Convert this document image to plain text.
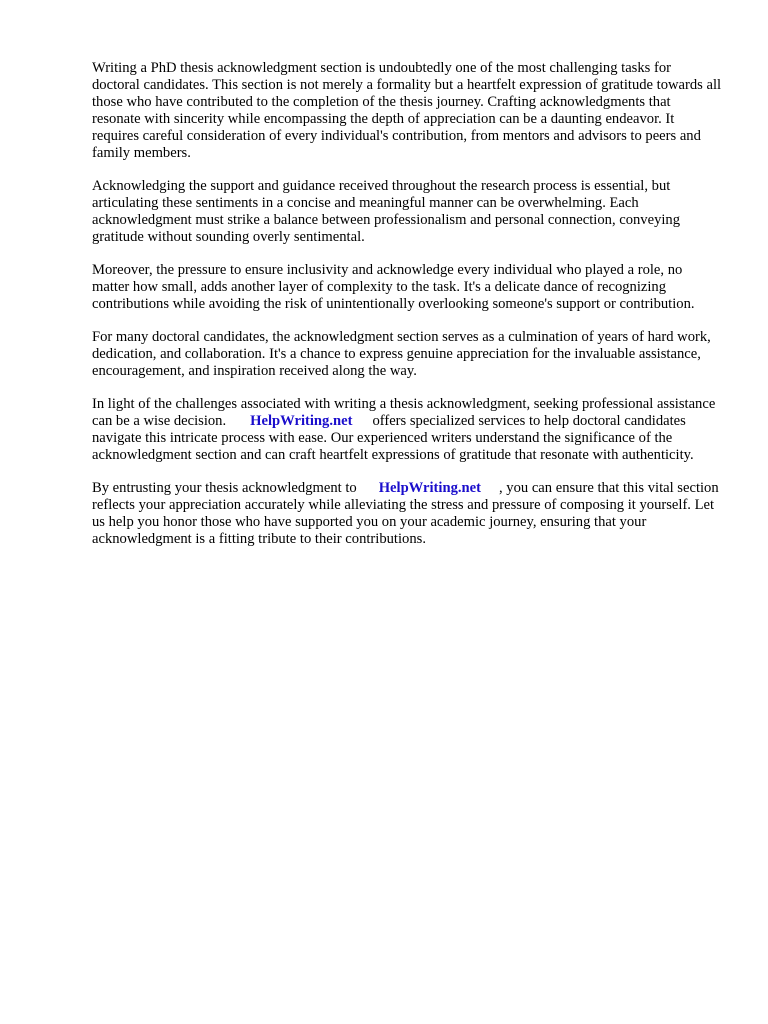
Writing a PhD thesis acknowledgment section is undoubtedly one of the most challenging tasks for doctoral candidates. This section is not merely a formality but a heartfelt expression of gratitude towards all those who have contributed to the completion of the thesis journey. Crafting acknowledgments that resonate with sincerity while encompassing the depth of appreciation can be a daunting endeavor. It requires careful consideration of every individual's contribution, from mentors and advisors to peers and family members.

Acknowledging the support and guidance received throughout the research process is essential, but articulating these sentiments in a concise and meaningful manner can be overwhelming. Each acknowledgment must strike a balance between professionalism and personal connection, conveying gratitude without sounding overly sentimental.

Moreover, the pressure to ensure inclusivity and acknowledge every individual who played a role, no matter how small, adds another layer of complexity to the task. It's a delicate dance of recognizing contributions while avoiding the risk of unintentionally overlooking someone's support or contribution.

For many doctoral candidates, the acknowledgment section serves as a culmination of years of hard work, dedication, and collaboration. It's a chance to express genuine appreciation for the invaluable assistance, encouragement, and inspiration received along the way.

In light of the challenges associated with writing a thesis acknowledgment, seeking professional assistance can be a wise decision. HelpWriting.net offers specialized services to help doctoral candidates navigate this intricate process with ease. Our experienced writers understand the significance of the acknowledgment section and can craft heartfelt expressions of gratitude that resonate with authenticity.

By entrusting your thesis acknowledgment to HelpWriting.net , you can ensure that this vital section reflects your appreciation accurately while alleviating the stress and pressure of composing it yourself. Let us help you honor those who have supported you on your academic journey, ensuring that your acknowledgment is a fitting tribute to their contributions.
